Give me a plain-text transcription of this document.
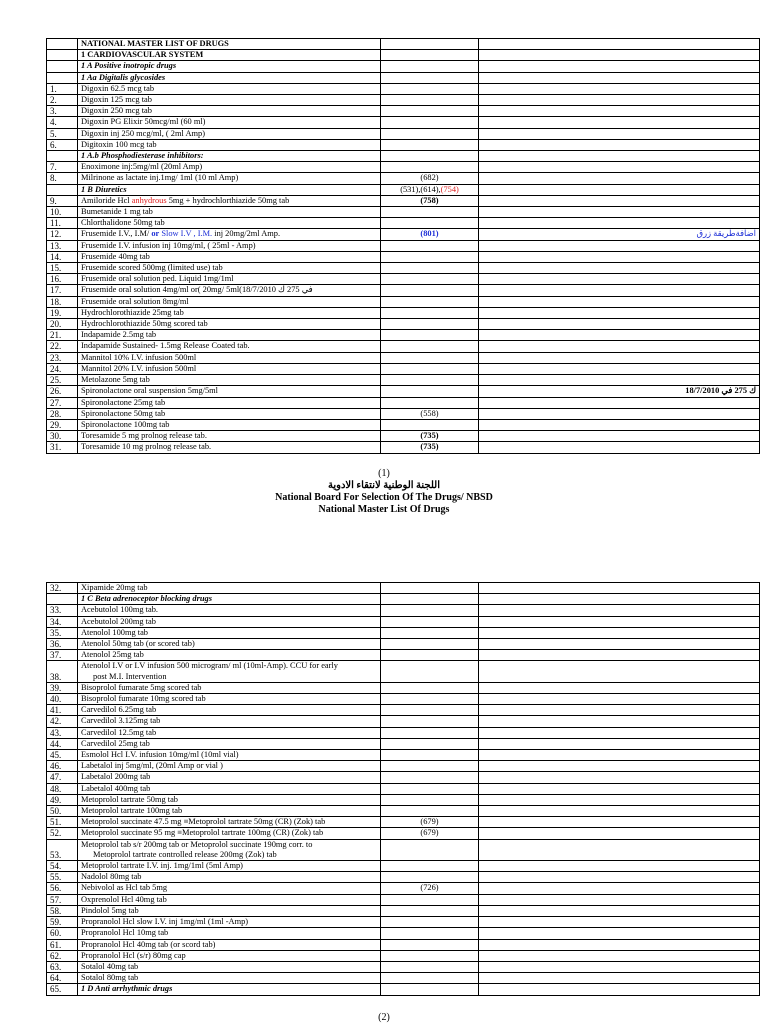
	NATIONAL MASTER LIST OF DRUGS		
	1 CARDIOVASCULAR SYSTEM		
	1 A Positive inotropic drugs		
	1 Aa Digitalis glycosides		
1.	Digoxin 62.5 mcg tab		
2.	Digoxin 125 mcg tab		
3.	Digoxin 250 mcg tab		
4.	Digoxin PG Elixir 50mcg/ml (60 ml)		
5.	Digoxin inj 250 mcg/ml, ( 2ml Amp)		
6.	Digitoxin 100 mcg tab		
	1 A.b Phosphodiesterase inhibitors:		
7.	Enoximone inj:5mg/ml (20ml Amp)		
8.	Milrinone as lactate inj.1mg/ 1ml (10 ml Amp)	(682)	
	1 B Diuretics	(531),(614),(754)	
9.	Amiloride Hcl anhydrous 5mg + hydrochlorthiazide 50mg tab	(758)	
10.	Bumetanide 1 mg tab		
11.	Chlorthalidone 50mg tab		
12.	Frusemide I.V., I.M/ or Slow I.V , I.M. inj 20mg/2ml Amp.	(801)	اضافةطريقة زرق
13.	Frusemide I.V. infusion inj 10mg/ml, ( 25ml - Amp)		
14.	Frusemide 40mg tab		
15.	Frusemide scored 500mg (limited use) tab		
16.	Frusemide oral solution ped. Liquid 1mg/1ml		
17.	Frusemide oral solution 4mg/ml or( 20mg/ 5ml(18/7/2010 في 275 ك		
18.	Frusemide oral solution 8mg/ml		
19.	Hydrochlorothiazide 25mg tab		
20.	Hydrochlorothiazide 50mg scored tab		
21.	Indapamide 2.5mg tab		
22.	Indapamide Sustained- 1.5mg Release Coated tab.		
23.	Mannitol 10% I.V. infusion 500ml		
24.	Mannitol 20% I.V. infusion 500ml		
25.	Metolazone 5mg tab		
26.	Spironolactone oral suspension 5mg/5ml		ك 275 في 18/7/2010
27.	Spironolactone 25mg tab		
28.	Spironolactone 50mg tab	(558)	
29.	Spironolactone 100mg tab		
30.	Toresamide 5 mg prolnog release tab.	(735)	
31.	Toresamide 10 mg prolnog release tab.	(735)	
(1)
اللجنة الوطنية لانتقاء الادوية
National Board For Selection Of The Drugs/ NBSD
National Master List Of Drugs
32.	Xipamide 20mg tab		
	1 C Beta adrenoceptor blocking drugs		
33.	Acebutolol 100mg tab.		
34.	Acebutolol 200mg tab		
35.	Atenolol 100mg tab		
36.	Atenolol 50mg tab (or scored tab)		
37.	Atenolol 25mg tab		
38.	Atenolol I.V or I.V infusion 500 microgram/ ml (10ml-Amp). CCU for early
post M.I. Intervention		
39.	Bisoprolol fumarate 5mg scored tab		
40.	Bisoprolol fumarate 10mg scored tab		
41.	Carvedilol 6.25mg tab		
42.	Carvedilol 3.125mg tab		
43.	Carvedilol 12.5mg tab		
44.	Carvedilol 25mg tab		
45.	Esmolol Hcl I.V. infusion 10mg/ml (10ml vial)		
46.	Labetalol inj 5mg/ml, (20ml Amp or vial )		
47.	Labetalol 200mg tab		
48.	Labetalol 400mg tab		
49.	Metoprolol tartrate 50mg tab		
50.	Metoprolol tartrate 100mg tab		
51.	Metoprolol succinate 47.5 mg ≡Metoprolol tartrate 50mg (CR) (Zok) tab	(679)	
52.	Metoprolol succinate 95 mg ≡Metoprolol tartrate 100mg (CR) (Zok) tab	(679)	
53.	Metoprolol tab s/r 200mg tab or Metoprolol succinate 190mg corr. to
Metoprolol tartrate controlled release 200mg (Zok) tab		
54.	Metoprolol tartrate I.V. inj. 1mg/1ml (5ml Amp)		
55.	Nadolol 80mg tab		
56.	Nebivolol as Hcl tab 5mg	(726)	
57.	Oxprenolol Hcl 40mg tab		
58.	Pindolol 5mg tab		
59.	Propranolol Hcl slow I.V. inj 1mg/ml (1ml -Amp)		
60.	Propranolol Hcl 10mg tab		
61.	Propranolol Hcl 40mg tab (or scord tab)		
62.	Propranolol Hcl (s/r) 80mg cap		
63.	Sotalol 40mg tab		
64.	Sotalol 80mg tab		
65.	1 D Anti arrhythmic drugs		
(2)
